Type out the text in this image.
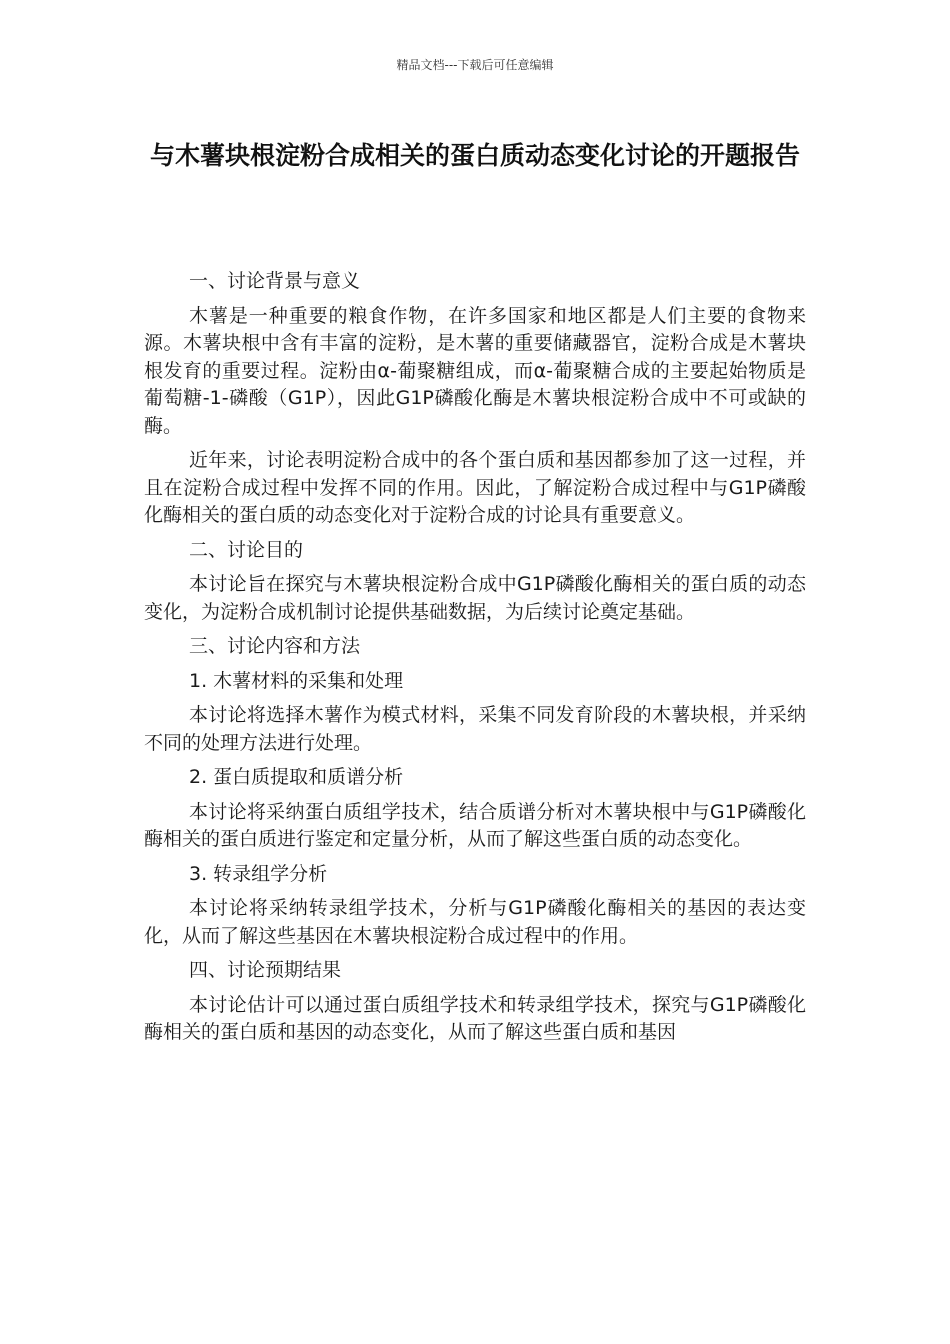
精品文档---下载后可任意编辑
与木薯块根淀粉合成相关的蛋白质动态变化讨论的开题报告

一、讨论背景与意义

木薯是一种重要的粮食作物，在许多国家和地区都是人们主要的食物来源。木薯块根中含有丰富的淀粉，是木薯的重要储藏器官，淀粉合成是木薯块根发育的重要过程。淀粉由α-葡聚糖组成，而α-葡聚糖合成的主要起始物质是葡萄糖-1-磷酸（G1P），因此G1P磷酸化酶是木薯块根淀粉合成中不可或缺的酶。

近年来，讨论表明淀粉合成中的各个蛋白质和基因都参加了这一过程，并且在淀粉合成过程中发挥不同的作用。因此，了解淀粉合成过程中与G1P磷酸化酶相关的蛋白质的动态变化对于淀粉合成的讨论具有重要意义。

二、讨论目的

本讨论旨在探究与木薯块根淀粉合成中G1P磷酸化酶相关的蛋白质的动态变化，为淀粉合成机制讨论提供基础数据，为后续讨论奠定基础。

三、讨论内容和方法

1. 木薯材料的采集和处理

本讨论将选择木薯作为模式材料，采集不同发育阶段的木薯块根，并采纳不同的处理方法进行处理。

2. 蛋白质提取和质谱分析

本讨论将采纳蛋白质组学技术，结合质谱分析对木薯块根中与G1P磷酸化酶相关的蛋白质进行鉴定和定量分析，从而了解这些蛋白质的动态变化。

3. 转录组学分析

本讨论将采纳转录组学技术，分析与G1P磷酸化酶相关的基因的表达变化，从而了解这些基因在木薯块根淀粉合成过程中的作用。

四、讨论预期结果

本讨论估计可以通过蛋白质组学技术和转录组学技术，探究与G1P磷酸化酶相关的蛋白质和基因的动态变化，从而了解这些蛋白质和基因
